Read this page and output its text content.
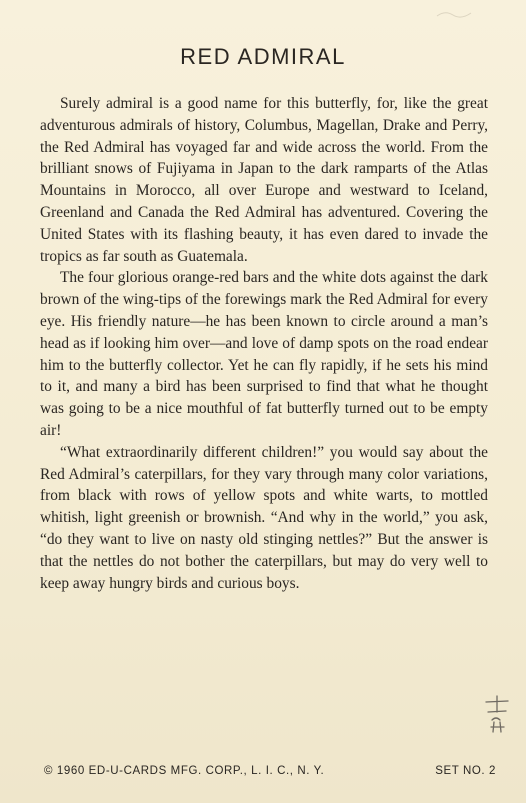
RED ADMIRAL

Surely admiral is a good name for this butterfly, for, like the great adventurous admirals of history, Columbus, Magellan, Drake and Perry, the Red Admiral has voyaged far and wide across the world. From the brilliant snows of Fujiyama in Japan to the dark ramparts of the Atlas Mountains in Morocco, all over Europe and westward to Iceland, Greenland and Canada the Red Admiral has adventured. Covering the United States with its flashing beauty, it has even dared to invade the tropics as far south as Guatemala.

The four glorious orange-red bars and the white dots against the dark brown of the wing-tips of the forewings mark the Red Admiral for every eye. His friendly nature—he has been known to circle around a man’s head as if looking him over—and love of damp spots on the road endear him to the butterfly collector. Yet he can fly rapidly, if he sets his mind to it, and many a bird has been surprised to find that what he thought was going to be a nice mouthful of fat butterfly turned out to be empty air!

“What extraordinarily different children!” you would say about the Red Admiral’s caterpillars, for they vary through many color variations, from black with rows of yellow spots and white warts, to mottled whitish, light greenish or brownish. “And why in the world,” you ask, “do they want to live on nasty old stinging nettles?” But the answer is that the nettles do not bother the caterpillars, but may do very well to keep away hungry birds and curious boys.

© 1960 ED-U-CARDS MFG. CORP., L. I. C., N. Y.	SET NO. 2
